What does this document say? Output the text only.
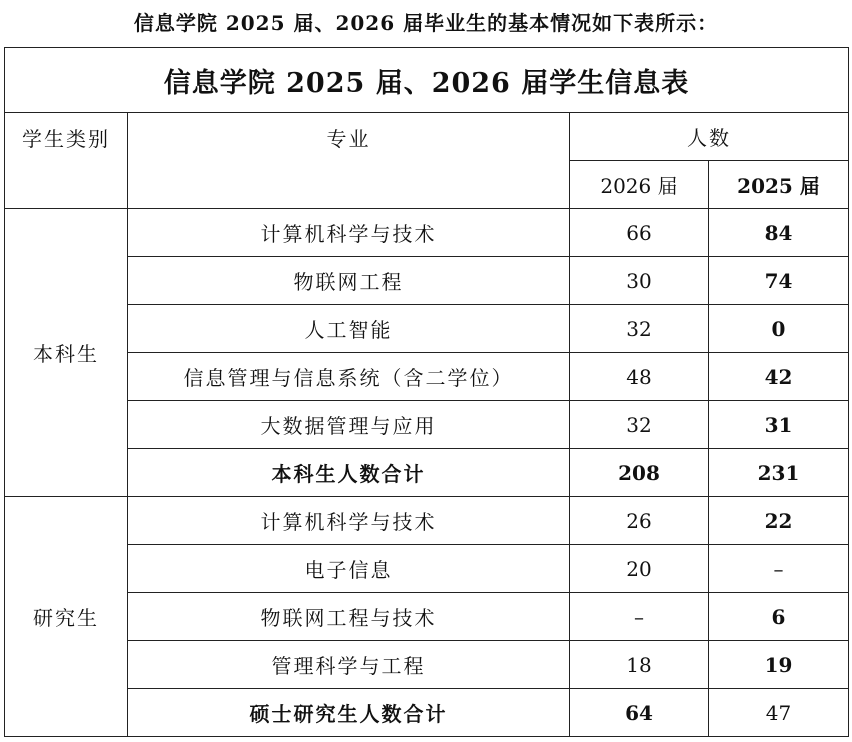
信息学院 2025 届、2026 届毕业生的基本情况如下表所示：
信息学院 2025 届、2026 届学生信息表			
学生类别	专业	人数	
		2026 届	2025 届
本科生	计算机科学与技术	66	84
	物联网工程	30	74
	人工智能	32	0
	信息管理与信息系统（含二学位）	48	42
	大数据管理与应用	32	31
	本科生人数合计	208	231
研究生	计算机科学与技术	26	22
	电子信息	20	–
	物联网工程与技术	–	6
	管理科学与工程	18	19
	硕士研究生人数合计	64	47
